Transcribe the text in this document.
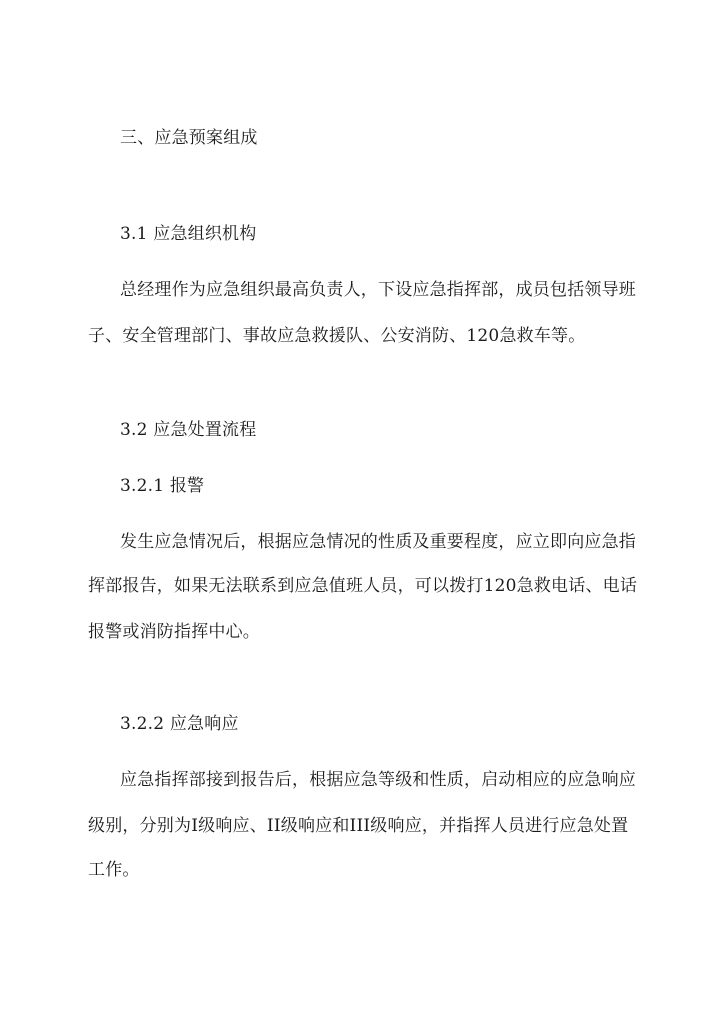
三、应急预案组成
3.1 应急组织机构
总经理作为应急组织最高负责人，下设应急指挥部，成员包括领导班
子、安全管理部门、事故应急救援队、公安消防、120急救车等。
3.2 应急处置流程
3.2.1 报警
发生应急情况后，根据应急情况的性质及重要程度，应立即向应急指
挥部报告，如果无法联系到应急值班人员，可以拨打120急救电话、电话
报警或消防指挥中心。
3.2.2 应急响应
应急指挥部接到报告后，根据应急等级和性质，启动相应的应急响应
级别，分别为I级响应、II级响应和III级响应，并指挥人员进行应急处置
工作。
